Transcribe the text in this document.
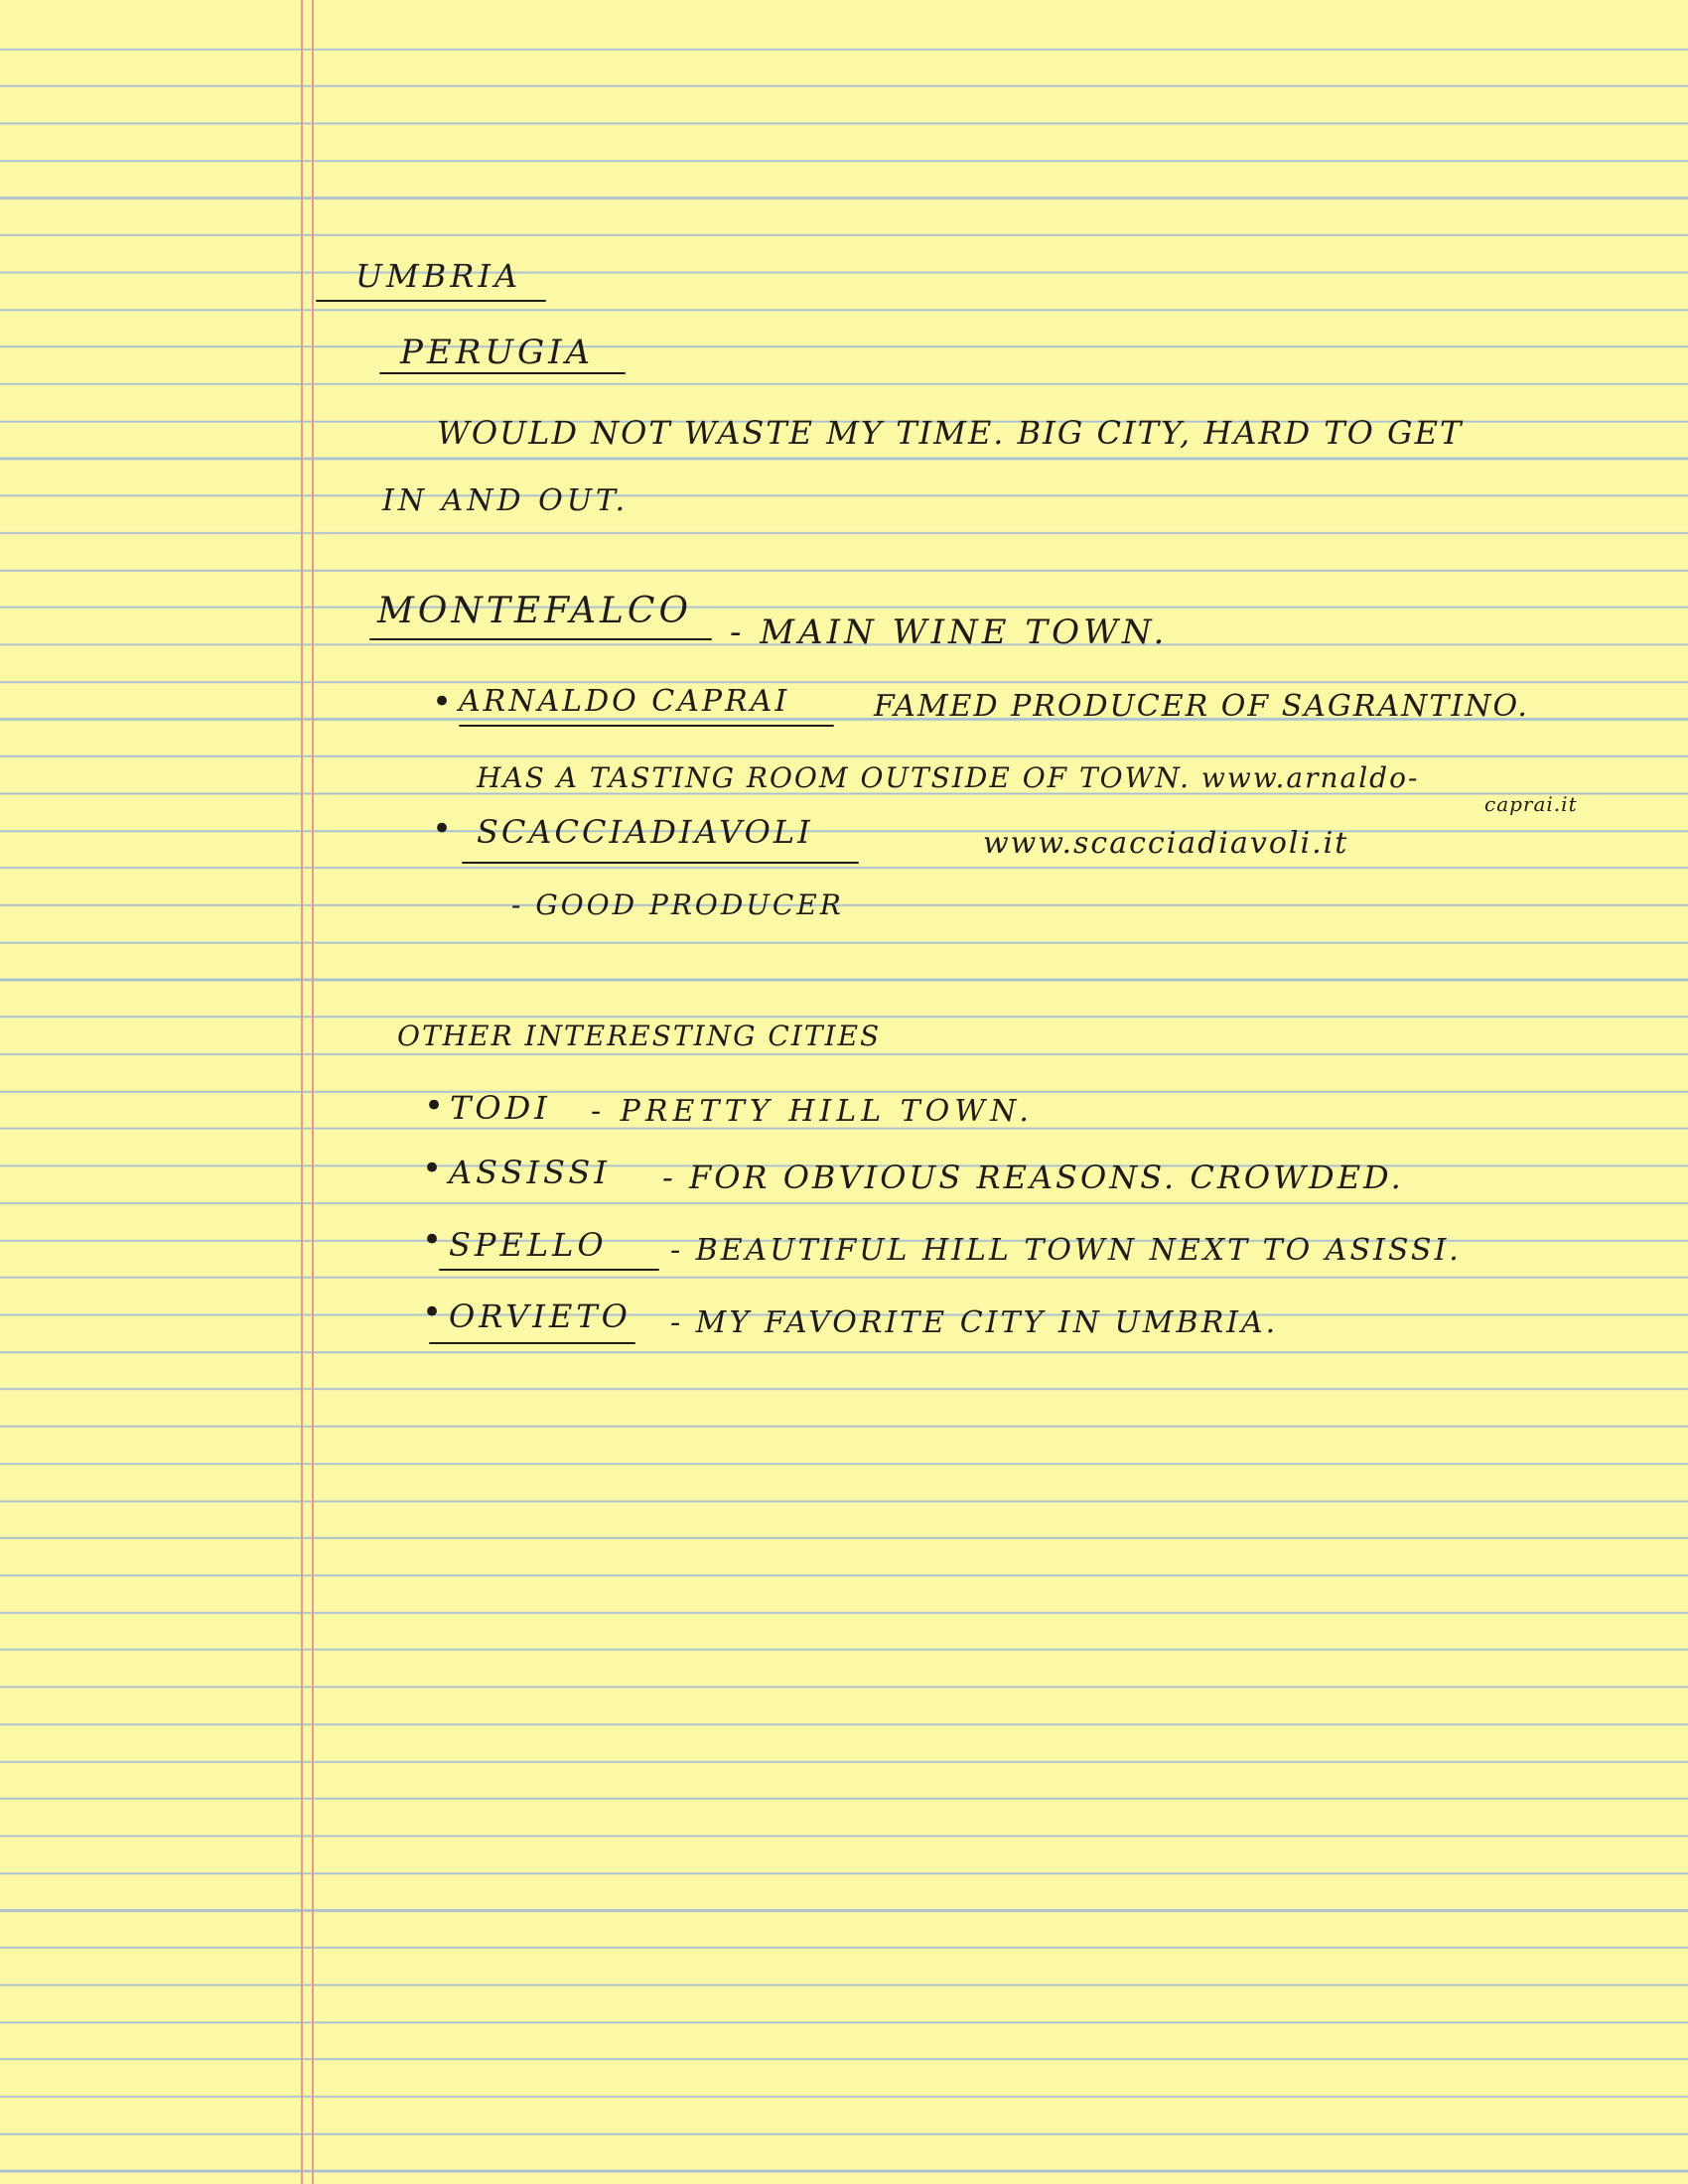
UMBRIA
PERUGIA
WOULD NOT WASTE MY TIME. BIG CITY, HARD TO GET
IN AND OUT.
MONTEFALCO
- MAIN WINE TOWN.
• ARNALDO CAPRAI	FAMED PRODUCER OF SAGRANTINO.
HAS A TASTING ROOM OUTSIDE OF TOWN. www.arnaldo-
caprai.it
• SCACCIADIAVOLI	www.scacciadiavoli.it
- GOOD PRODUCER
OTHER INTERESTING CITIES
• TODI - PRETTY HILL TOWN.
• ASSISSI - FOR OBVIOUS REASONS. CROWDED.
• SPELLO - BEAUTIFUL HILL TOWN NEXT TO ASISSI.
• ORVIETO - MY FAVORITE CITY IN UMBRIA.
